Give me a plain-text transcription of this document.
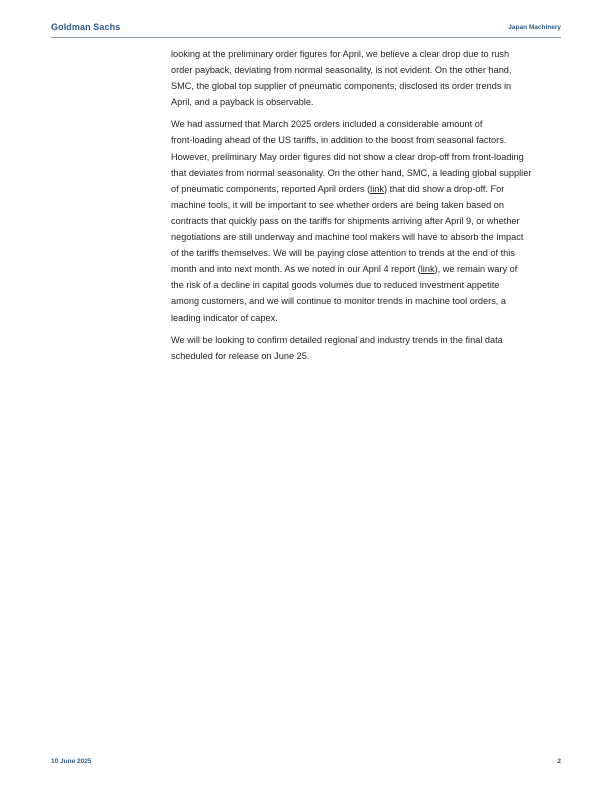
Goldman Sachs	Japan Machinery

looking at the preliminary order figures for April, we believe a clear drop due to rush
order payback, deviating from normal seasonality, is not evident. On the other hand,
SMC, the global top supplier of pneumatic components, disclosed its order trends in
April, and a payback is observable.

We had assumed that March 2025 orders included a considerable amount of
front-loading ahead of the US tariffs, in addition to the boost from seasonal factors.
However, preliminary May order figures did not show a clear drop-off from front-loading
that deviates from normal seasonality. On the other hand, SMC, a leading global supplier
of pneumatic components, reported April orders (link) that did show a drop-off. For
machine tools, it will be important to see whether orders are being taken based on
contracts that quickly pass on the tariffs for shipments arriving after April 9, or whether
negotiations are still underway and machine tool makers will have to absorb the impact
of the tariffs themselves. We will be paying close attention to trends at the end of this
month and into next month. As we noted in our April 4 report (link), we remain wary of
the risk of a decline in capital goods volumes due to reduced investment appetite
among customers, and we will continue to monitor trends in machine tool orders, a
leading indicator of capex.

We will be looking to confirm detailed regional and industry trends in the final data
scheduled for release on June 25.

10 June 2025	2
